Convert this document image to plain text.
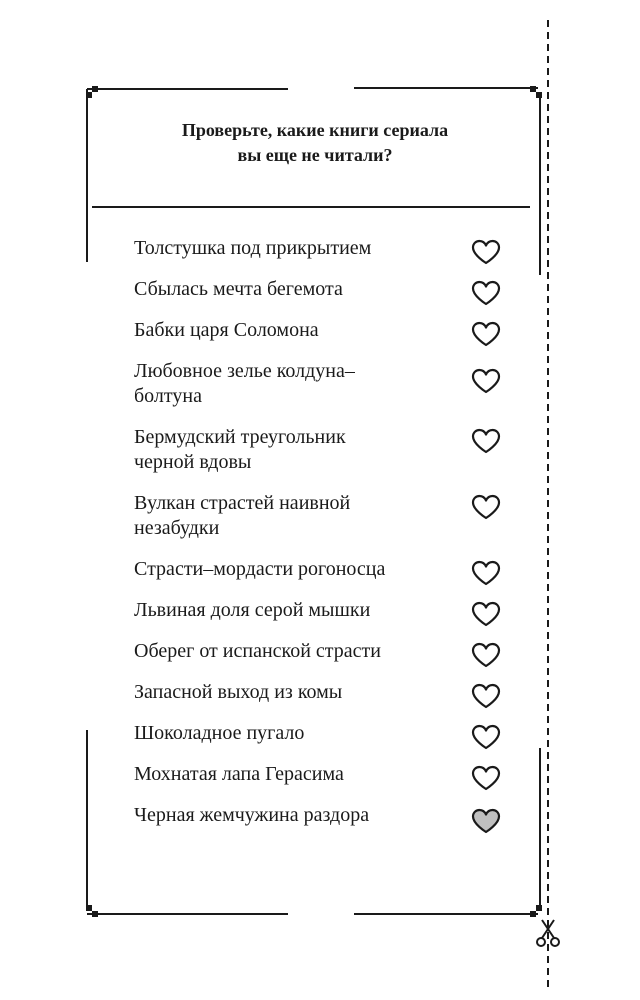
Проверьте, какие книги сериала
вы еще не читали?
Толстушка под прикрытием
Сбылась мечта бегемота
Бабки царя Соломона
Любовное зелье колдуна–
болтуна
Бермудский треугольник
черной вдовы
Вулкан страстей наивной
незабудки
Страсти–мордасти рогоносца
Львиная доля серой мышки
Оберег от испанской страсти
Запасной выход из комы
Шоколадное пугало
Мохнатая лапа Герасима
Черная жемчужина раздора
